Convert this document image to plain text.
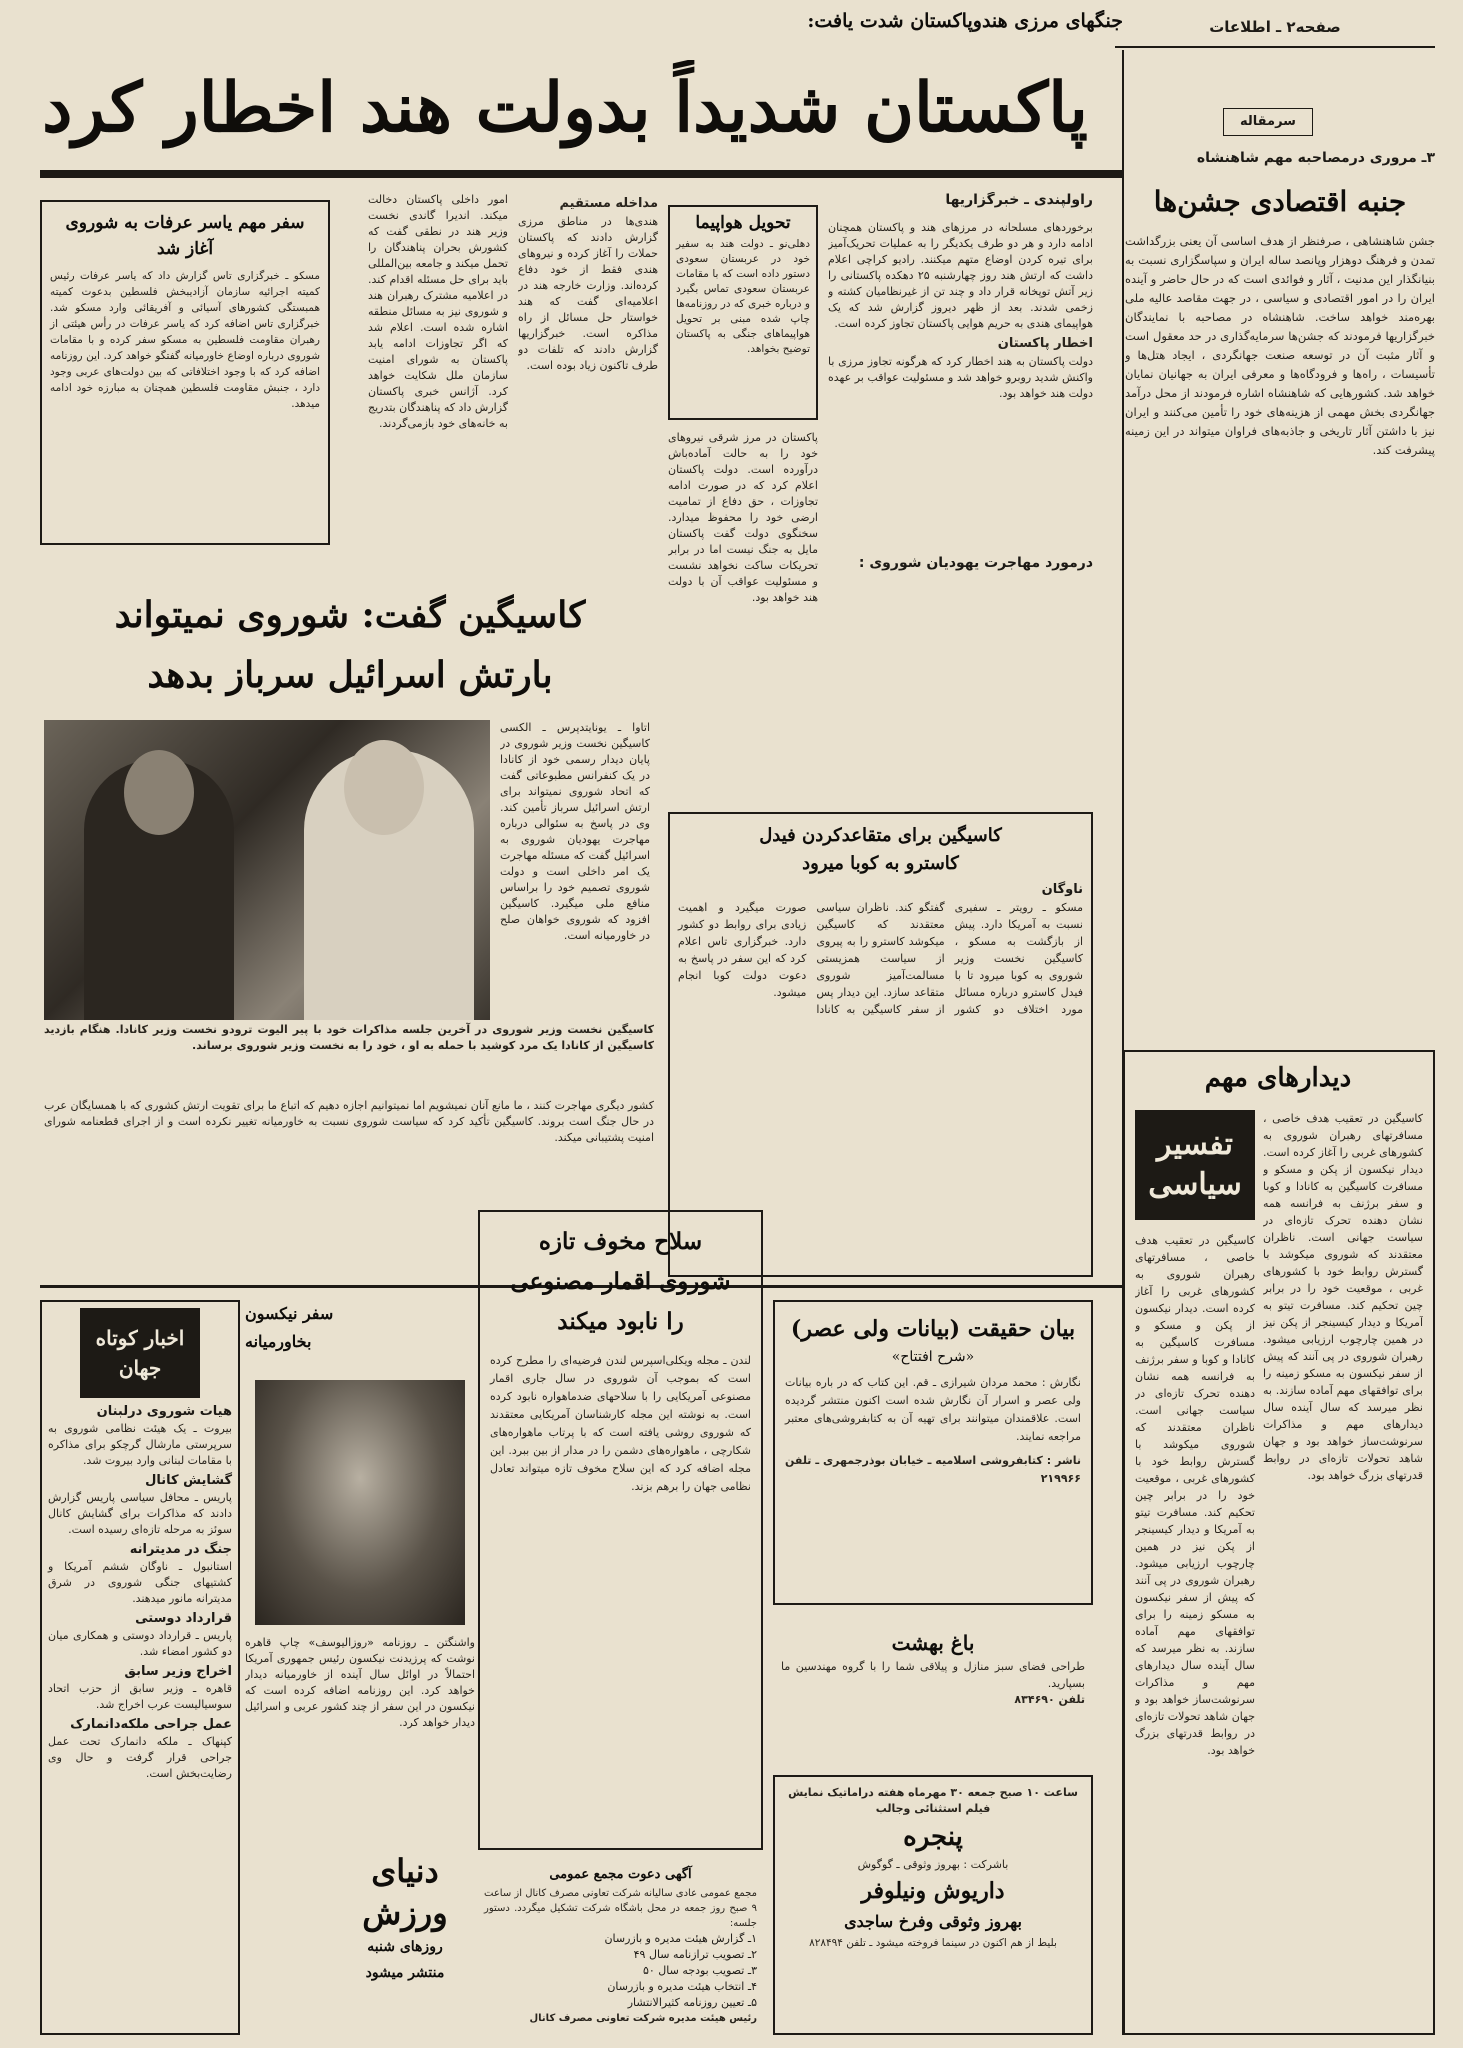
صفحه۲ ـ اطلاعات
جنگهای مرزی هندوپاکستان شدت یافت:
پاکستان شدیداً بدولت هند اخطار کرد	سرمقاله
۳ـ مروری درمصاحبه مهم شاهنشاه
جنبه اقتصادی جشن‌ها
جشن شاهنشاهی ، صرفنظر از هدف اساسی آن یعنی بزرگداشت تمدن و فرهنگ دوهزار وپانصد ساله ایران و سپاسگزاری نسبت به بنیانگذار این مدنیت ، آثار و فوائدی است که در حال حاضر و آینده ایران را در امور اقتصادی و سیاسی ، در جهت مقاصد عالیه ملی بهره‌مند خواهد ساخت. شاهنشاه در مصاحبه با نمایندگان خبرگزاریها فرمودند که جشن‌ها سرمایه‌گذاری در حد معقول است و آثار مثبت آن در توسعه صنعت جهانگردی ، ایجاد هتل‌ها و تأسیسات ، راه‌ها و فرودگاه‌ها و معرفی ایران به جهانیان نمایان خواهد شد. کشورهایی که شاهنشاه اشاره فرمودند از محل درآمد جهانگردی بخش مهمی از هزینه‌های خود را تأمین می‌کنند و ایران نیز با داشتن آثار تاریخی و جاذبه‌های فراوان میتواند در این زمینه پیشرفت کند.
دیدارهای مهم
تفسیر
سیاسی
کاسیگین در تعقیب هدف خاصی ، مسافرتهای رهبران شوروی به کشورهای غربی را آغاز کرده است. دیدار نیکسون از پکن و مسکو و مسافرت کاسیگین به کانادا و کوبا و سفر برژنف به فرانسه همه نشان دهنده تحرک تازه‌ای در سیاست جهانی است. ناظران معتقدند که شوروی میکوشد با گسترش روابط خود با کشورهای غربی ، موقعیت خود را در برابر چین تحکیم کند. مسافرت تیتو به آمریکا و دیدار کیسینجر از پکن نیز در همین چارچوب ارزیابی میشود. رهبران شوروی در پی آنند که پیش از سفر نیکسون به مسکو زمینه را برای توافقهای مهم آماده سازند. به نظر میرسد که سال آینده سال دیدارهای مهم و مذاکرات سرنوشت‌ساز خواهد بود و جهان شاهد تحولات تازه‌ای در روابط قدرتهای بزرگ خواهد بود.
کاسیگین در تعقیب هدف خاصی ، مسافرتهای رهبران شوروی به کشورهای غربی را آغاز کرده است. دیدار نیکسون از پکن و مسکو و مسافرت کاسیگین به کانادا و کوبا و سفر برژنف به فرانسه همه نشان دهنده تحرک تازه‌ای در سیاست جهانی است. ناظران معتقدند که شوروی میکوشد با گسترش روابط خود با کشورهای غربی ، موقعیت خود را در برابر چین تحکیم کند. مسافرت تیتو به آمریکا و دیدار کیسینجر از پکن نیز در همین چارچوب ارزیابی میشود. رهبران شوروی در پی آنند که پیش از سفر نیکسون به مسکو زمینه را برای توافقهای مهم آماده سازند. به نظر میرسد که سال آینده سال دیدارهای مهم و مذاکرات سرنوشت‌ساز خواهد بود و جهان شاهد تحولات تازه‌ای در روابط قدرتهای بزرگ خواهد بود.
راولپندی ـ خبرگزاریها
برخوردهای مسلحانه در مرزهای هند و پاکستان همچنان ادامه دارد و هر دو طرف یکدیگر را به عملیات تحریک‌آمیز برای تیره کردن اوضاع متهم میکنند. رادیو کراچی اعلام داشت که ارتش هند روز چهارشنبه ۲۵ دهکده پاکستانی را زیر آتش توپخانه قرار داد و چند تن از غیرنظامیان کشته و زخمی شدند. بعد از ظهر دیروز گزارش شد که یک هواپیمای هندی به حریم هوایی پاکستان تجاوز کرده است.
اخطار پاکستان
دولت پاکستان به هند اخطار کرد که هرگونه تجاوز مرزی با واکنش شدید روبرو خواهد شد و مسئولیت عواقب بر عهده دولت هند خواهد بود.
تحویل هواپیما
دهلی‌نو ـ دولت هند به سفیر خود در عربستان سعودی دستور داده است که با مقامات عربستان سعودی تماس بگیرد و درباره خبری که در روزنامه‌ها چاپ شده مبنی بر تحویل هواپیماهای جنگی به پاکستان توضیح بخواهد.
پاکستان در مرز شرقی نیروهای خود را به حالت آماده‌باش درآورده است. دولت پاکستان اعلام کرد که در صورت ادامه تجاوزات ، حق دفاع از تمامیت ارضی خود را محفوظ میدارد. سخنگوی دولت گفت پاکستان مایل به جنگ نیست اما در برابر تحریکات ساکت نخواهد نشست و مسئولیت عواقب آن با دولت هند خواهد بود.
مداخله مستقیم
هندی‌ها در مناطق مرزی گزارش دادند که پاکستان حملات را آغاز کرده و نیروهای هندی فقط از خود دفاع کرده‌اند. وزارت خارجه هند در اعلامیه‌ای گفت که هند خواستار حل مسائل از راه مذاکره است. خبرگزاریها گزارش دادند که تلفات دو طرف تاکنون زیاد بوده است.
امور داخلی پاکستان دخالت میکند. اندیرا گاندی نخست وزیر هند در نطقی گفت که کشورش بحران پناهندگان را تحمل میکند و جامعه بین‌المللی باید برای حل مسئله اقدام کند. در اعلامیه مشترک رهبران هند و شوروی نیز به مسائل منطقه اشاره شده است. اعلام شد که اگر تجاوزات ادامه یابد پاکستان به شورای امنیت سازمان ملل شکایت خواهد کرد. آژانس خبری پاکستان گزارش داد که پناهندگان بتدریج به خانه‌های خود بازمی‌گردند.
سفر مهم یاسر عرفات به شوروی آغاز شد
مسکو ـ خبرگزاری تاس گزارش داد که یاسر عرفات رئیس کمیته اجرائیه سازمان آزادیبخش فلسطین بدعوت کمیته همبستگی کشورهای آسیائی و آفریقائی وارد مسکو شد. خبرگزاری تاس اضافه کرد که یاسر عرفات در رأس هیئتی از رهبران مقاومت فلسطین به مسکو سفر کرده و با مقامات شوروی درباره اوضاع خاورمیانه گفتگو خواهد کرد. این روزنامه اضافه کرد که با وجود اختلافاتی که بین دولت‌های عربی وجود دارد ، جنبش مقاومت فلسطین همچنان به مبارزه خود ادامه میدهد.
درمورد مهاجرت یهودیان شوروی :
کاسیگین گفت: شوروی نمیتواند
بارتش اسرائیل سرباز بدهد
کاسیگین نخست وزیر شوروی در آخرین جلسه مذاکرات خود با پیر الیوت ترودو نخست وزیر کانادا. هنگام بازدید کاسیگین از کانادا یک مرد کوشید با حمله به او ، خود را به نخست وزیر شوروی برساند.
اتاوا ـ یونایتدپرس ـ الکسی کاسیگین نخست وزیر شوروی در پایان دیدار رسمی خود از کانادا در یک کنفرانس مطبوعاتی گفت که اتحاد شوروی نمیتواند برای ارتش اسرائیل سرباز تأمین کند. وی در پاسخ به سئوالی درباره مهاجرت یهودیان شوروی به اسرائیل گفت که مسئله مهاجرت یک امر داخلی است و دولت شوروی تصمیم خود را براساس منافع ملی میگیرد. کاسیگین افزود که شوروی خواهان صلح در خاورمیانه است.
کشور دیگری مهاجرت کنند ، ما مانع آنان نمیشویم اما نمیتوانیم اجازه دهیم که اتباع ما برای تقویت ارتش کشوری که با همسایگان عرب در حال جنگ است بروند. کاسیگین تأکید کرد که سیاست شوروی نسبت به خاورمیانه تغییر نکرده است و از اجرای قطعنامه شورای امنیت پشتیبانی میکند.
کاسیگین برای متقاعدکردن فیدل
کاسترو به کوبا میرود
ناوگان
مسکو ـ رویتر ـ سفیری نسبت به آمریکا دارد. پیش از بازگشت به مسکو ، کاسیگین نخست وزیر شوروی به کوبا میرود تا با فیدل کاسترو درباره مسائل مورد اختلاف دو کشور گفتگو کند. ناظران سیاسی معتقدند که کاسیگین میکوشد کاسترو را به پیروی از سیاست همزیستی مسالمت‌آمیز شوروی متقاعد سازد. این دیدار پس از سفر کاسیگین به کانادا صورت میگیرد و اهمیت زیادی برای روابط دو کشور دارد. خبرگزاری تاس اعلام کرد که این سفر در پاسخ به دعوت دولت کوبا انجام میشود.
بیان حقیقت (بیانات ولی عصر)
«شرح افتتاح»
نگارش : محمد مردان شیرازی ـ قم. این کتاب که در باره بیانات ولی عصر و اسرار آن نگارش شده است اکنون منتشر گردیده است. علاقمندان میتوانند برای تهیه آن به کتابفروشی‌های معتبر مراجعه نمایند.
ناشر : کتابفروشی اسلامیه ـ خیابان بوذرجمهری ـ تلفن ۲۱۹۹۶۶
باغ بهشت
طراحی فضای سبز منازل و پیلاقی شما را با گروه مهندسین ما بسپارید.
تلفن ۸۳۴۶۹۰
ساعت ۱۰ صبح جمعه ۳۰ مهرماه هفته‌ دراماتیک نمایش فیلم استثنائی وجالب
پنجره
باشرکت : بهروز وثوقی ـ گوگوش
داریوش ونیلوفر
بهروز وثوقی وفرخ ساجدی
بلیط از هم اکنون در سینما فروخته میشود ـ تلفن ۸۲۸۴۹۴
سلاح مخوف تازه
شوروی اقمار مصنوعی
را نابود میکند
لندن ـ مجله ویکلی‌اسپرس لندن فرضیه‌ای را مطرح کرده است که بموجب آن شوروی در سال جاری اقمار مصنوعی آمریکایی را با سلاحهای ضدماهواره نابود کرده است. به نوشته این مجله کارشناسان آمریکایی معتقدند که شوروی روشی یافته است که با پرتاب ماهواره‌های شکارچی ، ماهواره‌های دشمن را در مدار از بین ببرد. این مجله اضافه کرد که این سلاح مخوف تازه میتواند تعادل نظامی جهان را برهم بزند.
آگهی دعوت مجمع عمومی
مجمع عمومی عادی سالیانه شرکت تعاونی مصرف کانال از ساعت ۹ صبح روز جمعه در محل باشگاه شرکت تشکیل میگردد. دستور جلسه:
۱ـ گزارش هیئت مدیره و بازرسان
۲ـ تصویب ترازنامه سال ۴۹
۳ـ تصویب بودجه سال ۵۰
۴ـ انتخاب هیئت مدیره و بازرسان
۵ـ تعیین روزنامه کثیرالانتشار
رئیس هیئت مدیره شرکت تعاونی مصرف کانال
سفر نیکسون
بخاورمیانه
واشنگتن ـ روزنامه «روزالیوسف» چاپ قاهره نوشت که پرزیدنت نیکسون رئیس جمهوری آمریکا احتمالاً در اوائل سال آینده از خاورمیانه دیدار خواهد کرد. این روزنامه اضافه کرده است که نیکسون در این سفر از چند کشور عربی و اسرائیل دیدار خواهد کرد.
دنیای
ورزش
روزهای شنبه
منتشر میشود
اخبار کوتاه
جهان
هیات شوروی درلبنان
بیروت ـ یک هیئت نظامی شوروی به سرپرستی مارشال گرچکو برای مذاکره با مقامات لبنانی وارد بیروت شد.
گشایش کانال
پاریس ـ محافل سیاسی پاریس گزارش دادند که مذاکرات برای گشایش کانال سوئز به مرحله تازه‌ای رسیده است.
جنگ در مدیترانه
استانبول ـ ناوگان ششم آمریکا و کشتیهای جنگی شوروی در شرق مدیترانه مانور میدهند.
قرارداد دوستی
پاریس ـ قرارداد دوستی و همکاری میان دو کشور امضاء شد.
اخراج وزیر سابق
قاهره ـ وزیر سابق از حزب اتحاد سوسیالیست عرب اخراج شد.
عمل جراحی ملکه‌دانمارک
کپنهاک ـ ملکه دانمارک تحت عمل جراحی قرار گرفت و حال وی رضایت‌بخش است.
